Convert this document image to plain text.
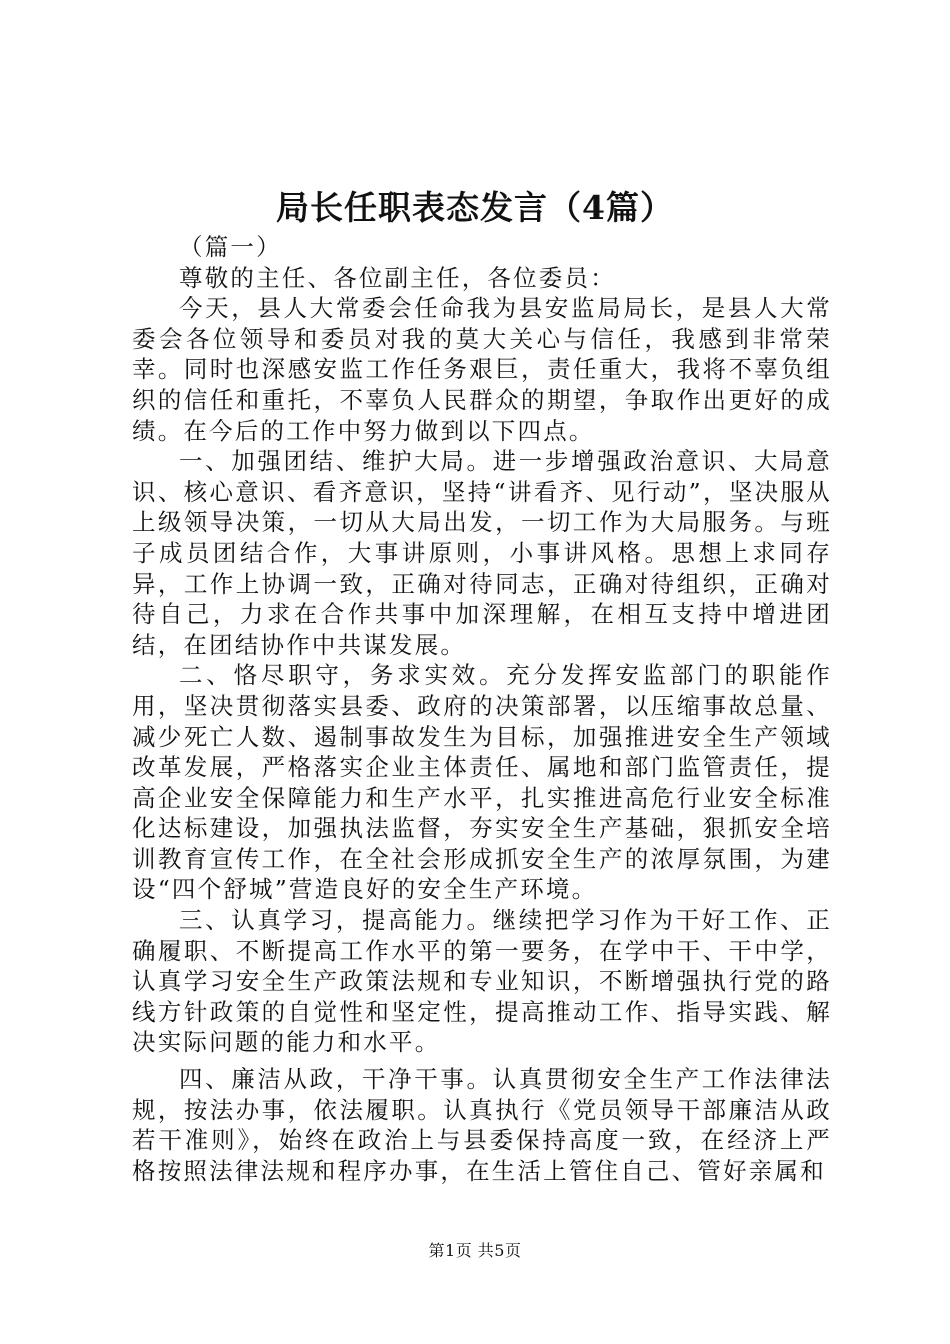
局长任职表态发言（4篇）

（篇一）

尊敬的主任、各位副主任，各位委员：

今天，县人大常委会任命我为县安监局局长，是县人大常委会各位领导和委员对我的莫大关心与信任，我感到非常荣幸。同时也深感安监工作任务艰巨，责任重大，我将不辜负组织的信任和重托，不辜负人民群众的期望，争取作出更好的成绩。在今后的工作中努力做到以下四点。

一、加强团结、维护大局。进一步增强政治意识、大局意识、核心意识、看齐意识，坚持“讲看齐、见行动”，坚决服从上级领导决策，一切从大局出发，一切工作为大局服务。与班子成员团结合作，大事讲原则，小事讲风格。思想上求同存异，工作上协调一致，正确对待同志，正确对待组织，正确对待自己，力求在合作共事中加深理解，在相互支持中增进团结，在团结协作中共谋发展。

二、恪尽职守，务求实效。充分发挥安监部门的职能作用，坚决贯彻落实县委、政府的决策部署，以压缩事故总量、减少死亡人数、遏制事故发生为目标，加强推进安全生产领域改革发展，严格落实企业主体责任、属地和部门监管责任，提高企业安全保障能力和生产水平，扎实推进高危行业安全标准化达标建设，加强执法监督，夯实安全生产基础，狠抓安全培训教育宣传工作，在全社会形成抓安全生产的浓厚氛围，为建设“四个舒城”营造良好的安全生产环境。

三、认真学习，提高能力。继续把学习作为干好工作、正确履职、不断提高工作水平的第一要务，在学中干、干中学，认真学习安全生产政策法规和专业知识，不断增强执行党的路线方针政策的自觉性和坚定性，提高推动工作、指导实践、解决实际问题的能力和水平。

四、廉洁从政，干净干事。认真贯彻安全生产工作法律法规，按法办事，依法履职。认真执行《党员领导干部廉洁从政若干准则》，始终在政治上与县委保持高度一致，在经济上严格按照法律法规和程序办事，在生活上管住自己、管好亲属和

第1页 共5页
